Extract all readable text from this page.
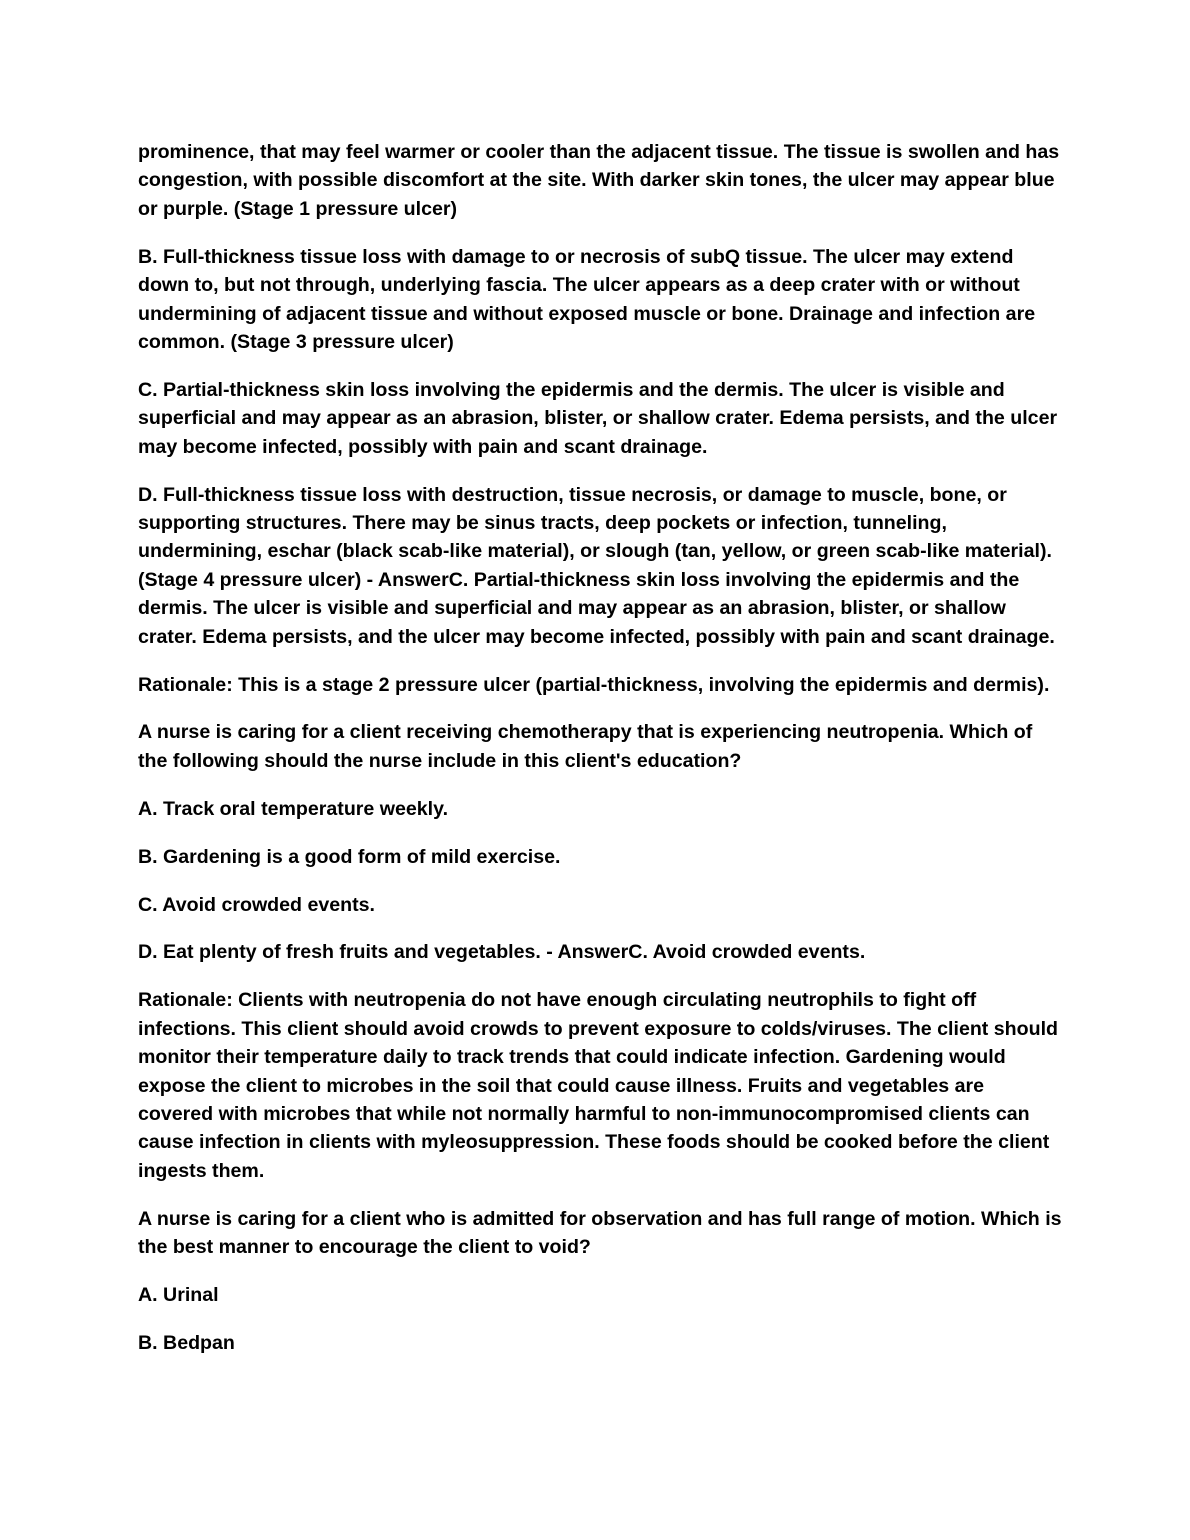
prominence, that may feel warmer or cooler than the adjacent tissue. The tissue is swollen and has congestion, with possible discomfort at the site. With darker skin tones, the ulcer may appear blue or purple. (Stage 1 pressure ulcer)

B. Full-thickness tissue loss with damage to or necrosis of subQ tissue. The ulcer may extend down to, but not through, underlying fascia. The ulcer appears as a deep crater with or without undermining of adjacent tissue and without exposed muscle or bone. Drainage and infection are common. (Stage 3 pressure ulcer)

C. Partial-thickness skin loss involving the epidermis and the dermis. The ulcer is visible and superficial and may appear as an abrasion, blister, or shallow crater. Edema persists, and the ulcer may become infected, possibly with pain and scant drainage.

D. Full-thickness tissue loss with destruction, tissue necrosis, or damage to muscle, bone, or supporting structures. There may be sinus tracts, deep pockets or infection, tunneling, undermining, eschar (black scab-like material), or slough (tan, yellow, or green scab-like material). (Stage 4 pressure ulcer) - AnswerC. Partial-thickness skin loss involving the epidermis and the dermis. The ulcer is visible and superficial and may appear as an abrasion, blister, or shallow crater. Edema persists, and the ulcer may become infected, possibly with pain and scant drainage.

Rationale: This is a stage 2 pressure ulcer (partial-thickness, involving the epidermis and dermis).

A nurse is caring for a client receiving chemotherapy that is experiencing neutropenia. Which of the following should the nurse include in this client's education?

A. Track oral temperature weekly.

B. Gardening is a good form of mild exercise.

C. Avoid crowded events.

D. Eat plenty of fresh fruits and vegetables. - AnswerC. Avoid crowded events.

Rationale: Clients with neutropenia do not have enough circulating neutrophils to fight off infections. This client should avoid crowds to prevent exposure to colds/viruses. The client should monitor their temperature daily to track trends that could indicate infection. Gardening would expose the client to microbes in the soil that could cause illness. Fruits and vegetables are covered with microbes that while not normally harmful to non-immunocompromised clients can cause infection in clients with myleosuppression. These foods should be cooked before the client ingests them.

A nurse is caring for a client who is admitted for observation and has full range of motion. Which is the best manner to encourage the client to void?

A. Urinal

B. Bedpan
